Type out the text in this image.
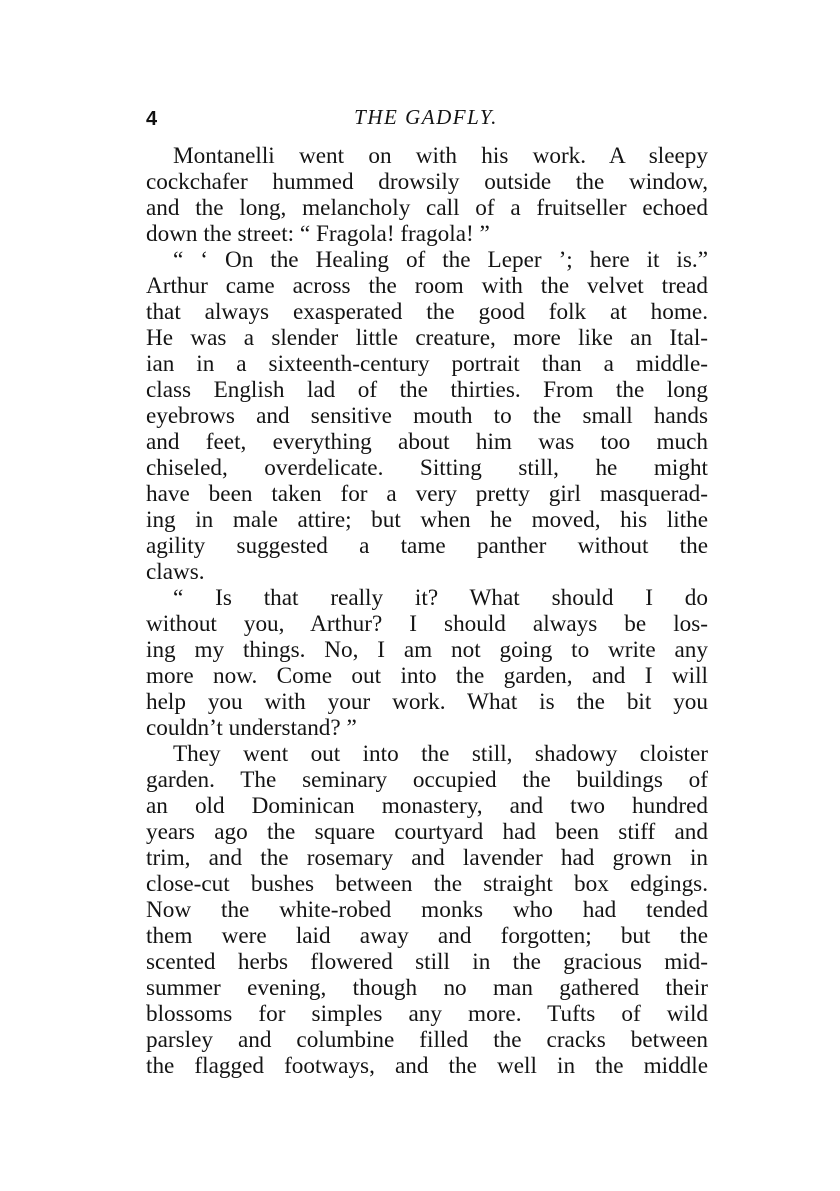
4	THE GADFLY.
Montanelli went on with his work. A sleepy
cockchafer hummed drowsily outside the window,
and the long, melancholy call of a fruitseller echoed
down the street: “ Fragola! fragola! ”
“ ‘ On the Healing of the Leper ’; here it is.”
Arthur came across the room with the velvet tread
that always exasperated the good folk at home.
He was a slender little creature, more like an Ital-
ian in a sixteenth-century portrait than a middle-
class English lad of the thirties. From the long
eyebrows and sensitive mouth to the small hands
and feet, everything about him was too much
chiseled, overdelicate. Sitting still, he might
have been taken for a very pretty girl masquerad-
ing in male attire; but when he moved, his lithe
agility suggested a tame panther without the
claws.
“ Is that really it? What should I do
without you, Arthur? I should always be los-
ing my things. No, I am not going to write any
more now. Come out into the garden, and I will
help you with your work. What is the bit you
couldn’t understand? ”
They went out into the still, shadowy cloister
garden. The seminary occupied the buildings of
an old Dominican monastery, and two hundred
years ago the square courtyard had been stiff and
trim, and the rosemary and lavender had grown in
close-cut bushes between the straight box edgings.
Now the white-robed monks who had tended
them were laid away and forgotten; but the
scented herbs flowered still in the gracious mid-
summer evening, though no man gathered their
blossoms for simples any more. Tufts of wild
parsley and columbine filled the cracks between
the flagged footways, and the well in the middle
